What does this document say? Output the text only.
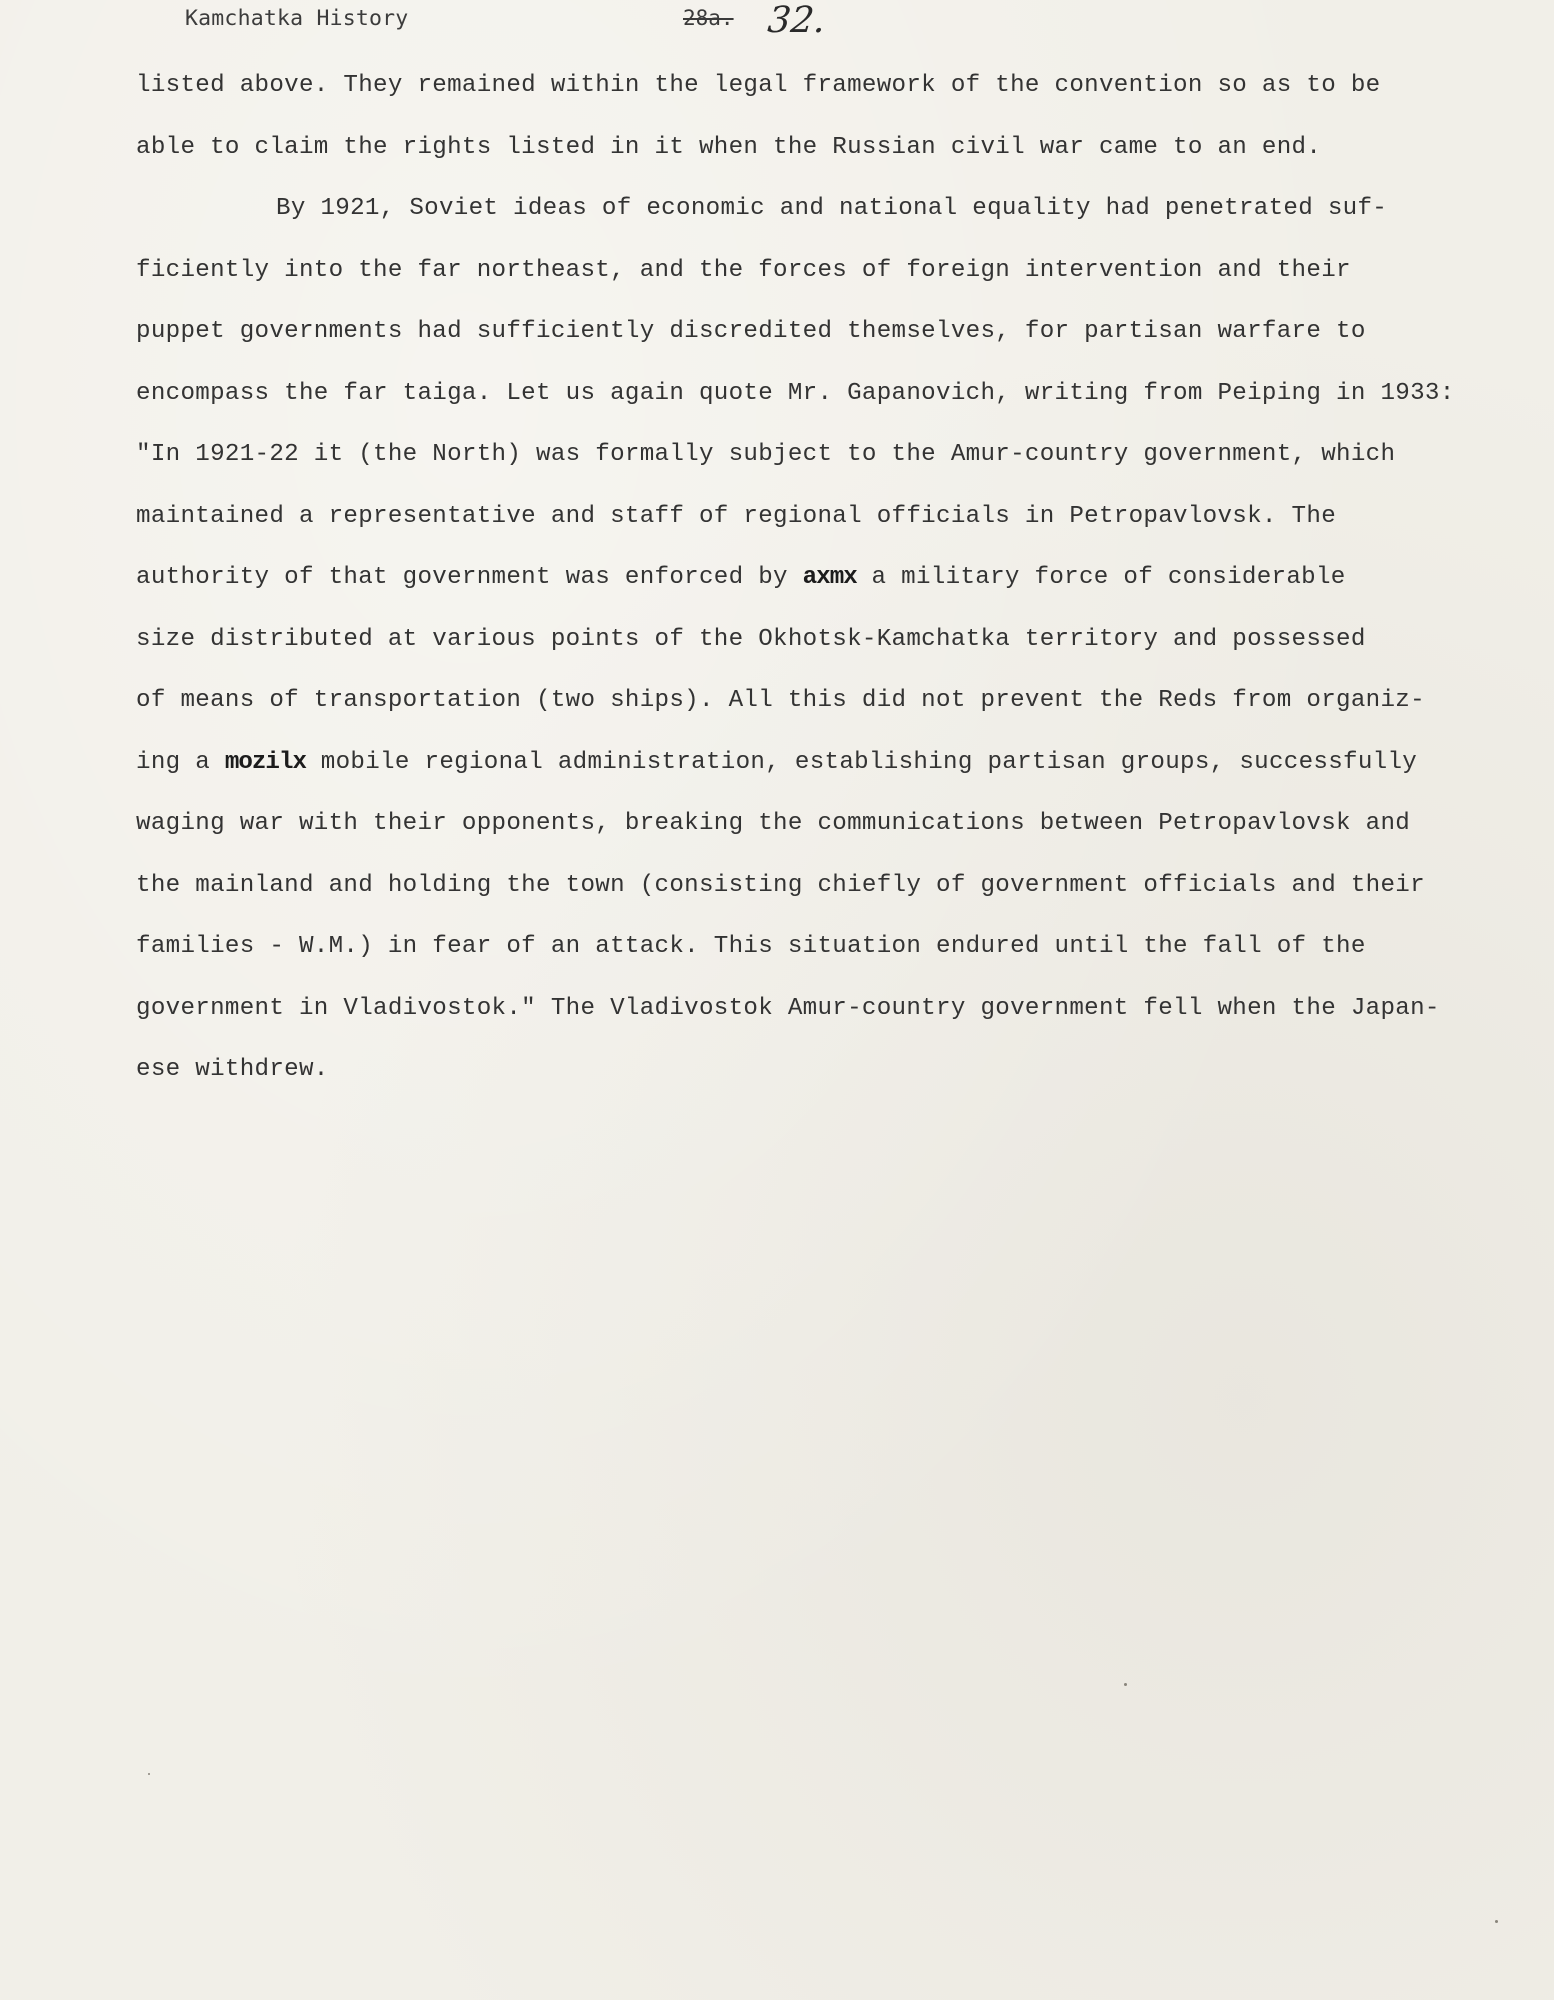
Kamchatka History	28a. 32.
listed above. They remained within the legal framework of the convention so as to be
able to claim the rights listed in it when the Russian civil war came to an end.
By 1921, Soviet ideas of economic and national equality had penetrated suf-
ficiently into the far northeast, and the forces of foreign intervention and their
puppet governments had sufficiently discredited themselves, for partisan warfare to
encompass the far taiga. Let us again quote Mr. Gapanovich, writing from Peiping in 1933:
"In 1921-22 it (the North) was formally subject to the Amur-country government, which
maintained a representative and staff of regional officials in Petropavlovsk. The
authority of that government was enforced by axmx a military force of considerable
size distributed at various points of the Okhotsk-Kamchatka territory and possessed
of means of transportation (two ships). All this did not prevent the Reds from organiz-
ing a mozilx mobile regional administration, establishing partisan groups, successfully
waging war with their opponents, breaking the communications between Petropavlovsk and
the mainland and holding the town (consisting chiefly of government officials and their
families - W.M.) in fear of an attack. This situation endured until the fall of the
government in Vladivostok." The Vladivostok Amur-country government fell when the Japan-
ese withdrew.
